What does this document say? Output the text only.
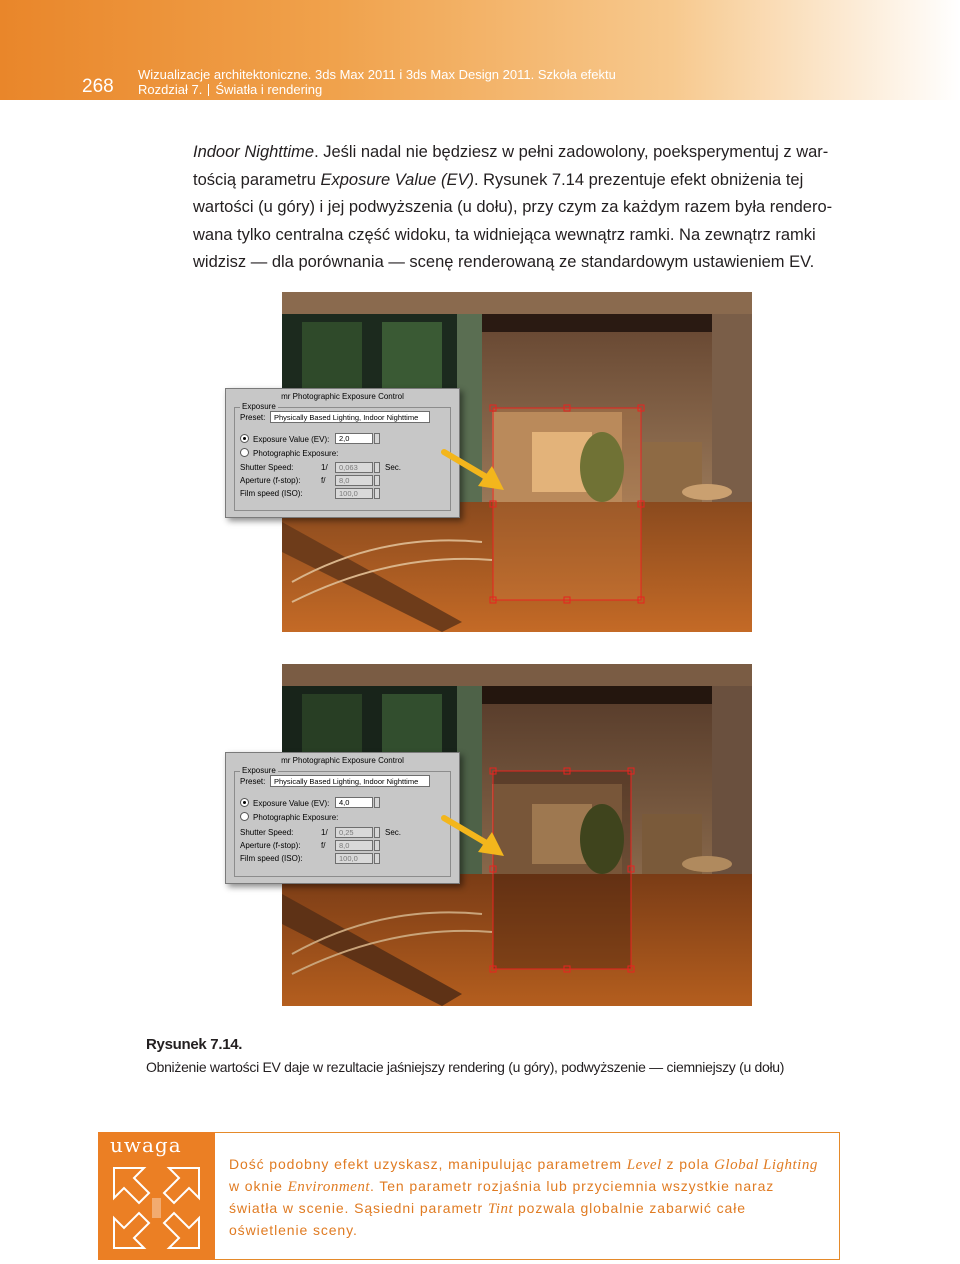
268
Wizualizacje architektoniczne. 3ds Max 2011 i 3ds Max Design 2011. Szkoła efektu
Rozdział 7. Światła i rendering

Indoor Nighttime. Jeśli nadal nie będziesz w pełni zadowolony, poeksperymentuj z war-

tością parametru Exposure Value (EV). Rysunek 7.14 prezentuje efekt obniżenia tej

wartości (u góry) i jej podwyższenia (u dołu), przy czym za każdym razem była rendero-

wana tylko centralna część widoku, ta widniejąca wewnątrz ramki. Na zewnątrz ramki

widzisz — dla porównania — scenę renderowaną ze standardowym ustawieniem EV.

mr Photographic Exposure Control
Exposure
Preset:	Physically Based Lighting, Indoor Nighttime
Exposure Value (EV):	2,0
Photographic Exposure:
Shutter Speed:	1/	0,063	Sec.
Aperture (f-stop):	f/	8,0
Film speed (ISO):	100,0
mr Photographic Exposure Control
Exposure
Preset:	Physically Based Lighting, Indoor Nighttime
Exposure Value (EV):	4,0
Photographic Exposure:
Shutter Speed:	1/	0,25	Sec.
Aperture (f-stop):	f/	8,0
Film speed (ISO):	100,0
Rysunek 7.14.
Obniżenie wartości EV daje w rezultacie jaśniejszy rendering (u góry), podwyższenie — ciemniejszy (u dołu)
uwaga
Dość podobny efekt uzyskasz, manipulując parametrem Level z pola Global Lighting w oknie Environment. Ten parametr rozjaśnia lub przyciemnia wszystkie naraz światła w scenie. Sąsiedni parametr Tint pozwala globalnie zabarwić całe oświetlenie sceny.
